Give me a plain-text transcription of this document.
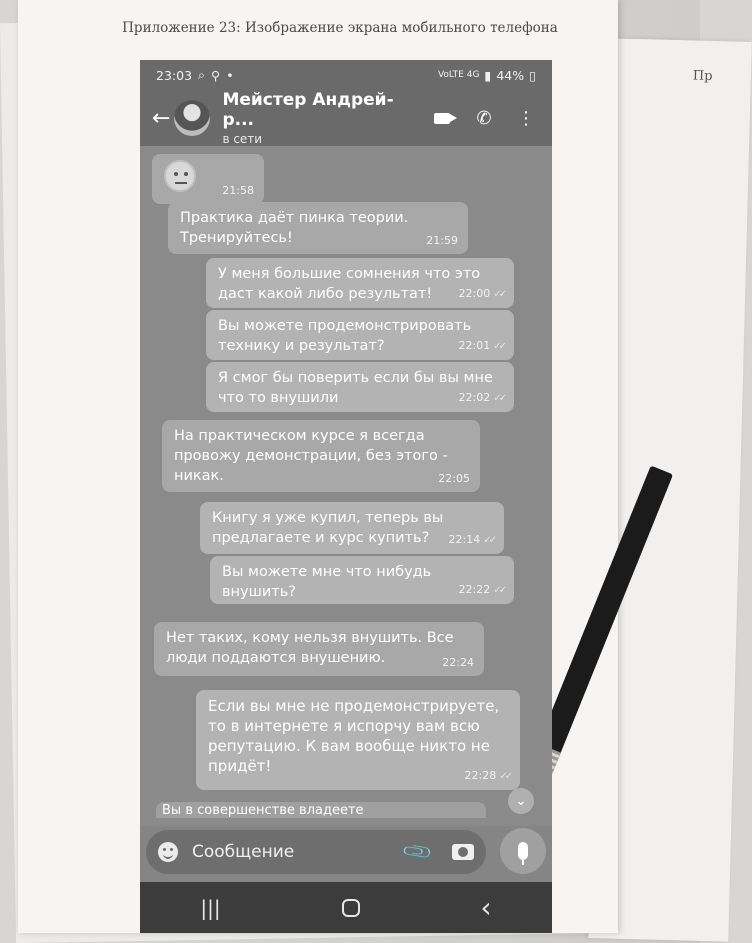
Пр
Приложение 23: Изображение экрана мобильного телефона
23:03 ⌕ ⚲ •	VoLTE 4G ▮ 44% ▯
←
Мейстер Андрей-р...
в сети
✆	⋮
21:58
Практика даёт пинка теории.
Тренируйтесь!	21:59
У меня большие сомнения что это
даст какой либо результат!	22:00 ✓✓
Вы можете продемонстрировать
технику и результат?	22:01 ✓✓
Я смог бы поверить если бы вы мне
что то внушили	22:02 ✓✓
На практическом курсе я всегда
провожу демонстрации, без этого -
никак.	22:05
Книгу я уже купил, теперь вы
предлагаете и курс купить?	22:14 ✓✓
Вы можете мне что нибудь внушить?	22:22 ✓✓
Нет таких, кому нельзя внушить. Все
люди поддаются внушению.	22:24
Если вы мне не продемонстрируете,
то в интернете я испорчу вам всю
репутацию. К вам вообще никто не
придёт!
22:28 ✓✓
Вы в совершенстве владеете
⌄
Сообщение	📎
|||	‹
